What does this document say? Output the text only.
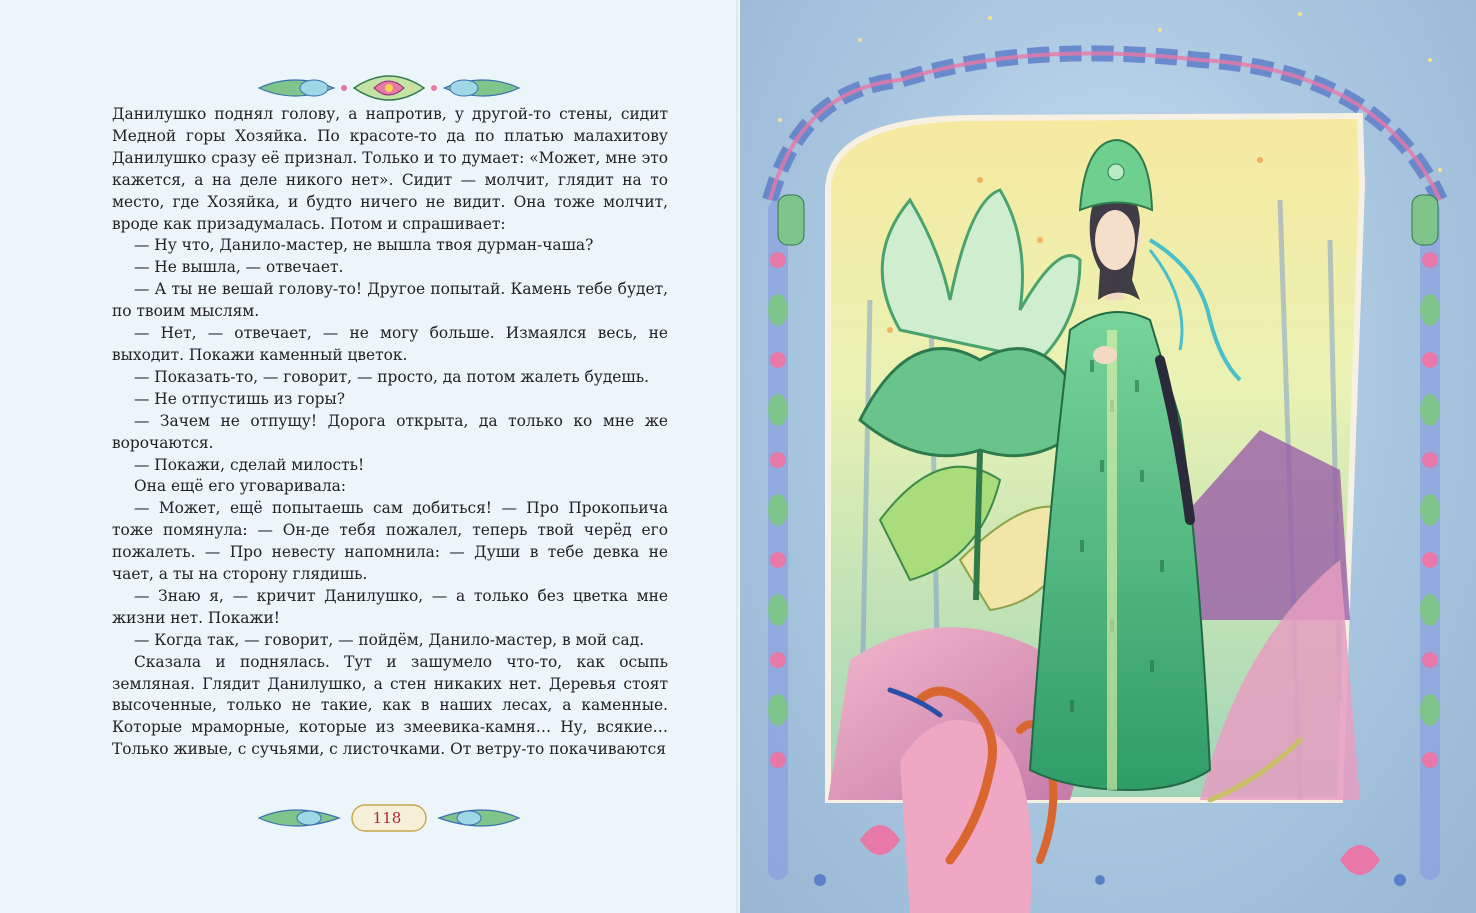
Данилушко поднял голову, а напротив, у другой-то стены, сидит Медной горы Хозяйка. По красоте-то да по платью малахитову Данилушко сразу её признал. Только и то думает: «Может, мне это кажется, а на деле никого нет». Сидит — молчит, глядит на то место, где Хозяйка, и будто ничего не видит. Она тоже молчит, вроде как призадумалась. Потом и спрашивает:

— Ну что, Данило-мастер, не вышла твоя дурман-чаша?

— Не вышла, — отвечает.

— А ты не вешай голову-то! Другое попытай. Камень тебе будет, по твоим мыслям.

— Нет, — отвечает, — не могу больше. Измаялся весь, не выходит. Покажи каменный цветок.

— Показать-то, — говорит, — просто, да потом жалеть будешь.

— Не отпустишь из горы?

— Зачем не отпущу! Дорога открыта, да только ко мне же ворочаются.

— Покажи, сделай милость!

Она ещё его уговаривала:

— Может, ещё попытаешь сам добиться! — Про Прокопьича тоже помянула: — Он-де тебя пожалел, теперь твой черёд его пожалеть. — Про невесту напомнила: — Души в тебе девка не чает, а ты на сторону глядишь.

— Знаю я, — кричит Данилушко, — а только без цветка мне жизни нет. Покажи!

— Когда так, — говорит, — пойдём, Данило-мастер, в мой сад.

Сказала и поднялась. Тут и зашумело что-то, как осыпь земляная. Глядит Данилушко, а стен никаких нет. Деревья стоят высоченные, только не такие, как в наших лесах, а каменные. Которые мраморные, которые из змеевика-камня… Ну, всякие… Только живые, с сучьями, с листочками. От ветру-то покачиваются

118
